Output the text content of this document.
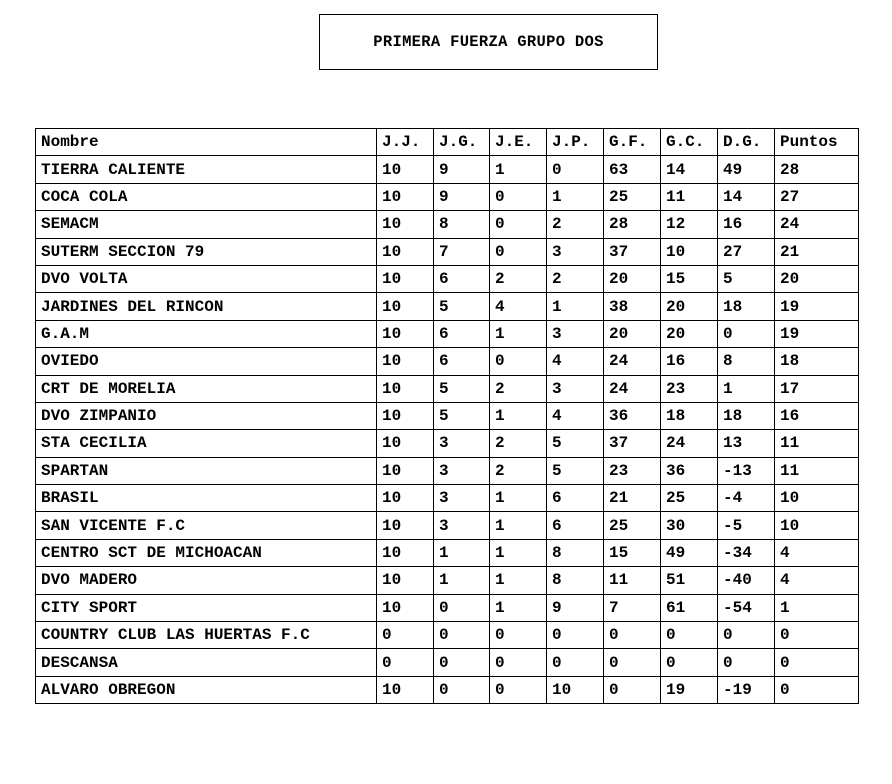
PRIMERA FUERZA GRUPO DOS
Nombre	J.J.	J.G.	J.E.	J.P.	G.F.	G.C.	D.G.	Puntos
TIERRA CALIENTE	10	9	1	0	63	14	49	28
COCA COLA	10	9	0	1	25	11	14	27
SEMACM	10	8	0	2	28	12	16	24
SUTERM SECCION 79	10	7	0	3	37	10	27	21
DVO VOLTA	10	6	2	2	20	15	5	20
JARDINES DEL RINCON	10	5	4	1	38	20	18	19
G.A.M	10	6	1	3	20	20	0	19
OVIEDO	10	6	0	4	24	16	8	18
CRT DE MORELIA	10	5	2	3	24	23	1	17
DVO ZIMPANIO	10	5	1	4	36	18	18	16
STA CECILIA	10	3	2	5	37	24	13	11
SPARTAN	10	3	2	5	23	36	-13	11
BRASIL	10	3	1	6	21	25	-4	10
SAN VICENTE F.C	10	3	1	6	25	30	-5	10
CENTRO SCT DE MICHOACAN	10	1	1	8	15	49	-34	4
DVO MADERO	10	1	1	8	11	51	-40	4
CITY SPORT	10	0	1	9	7	61	-54	1
COUNTRY CLUB LAS HUERTAS F.C	0	0	0	0	0	0	0	0
DESCANSA	0	0	0	0	0	0	0	0
ALVARO OBREGON	10	0	0	10	0	19	-19	0
